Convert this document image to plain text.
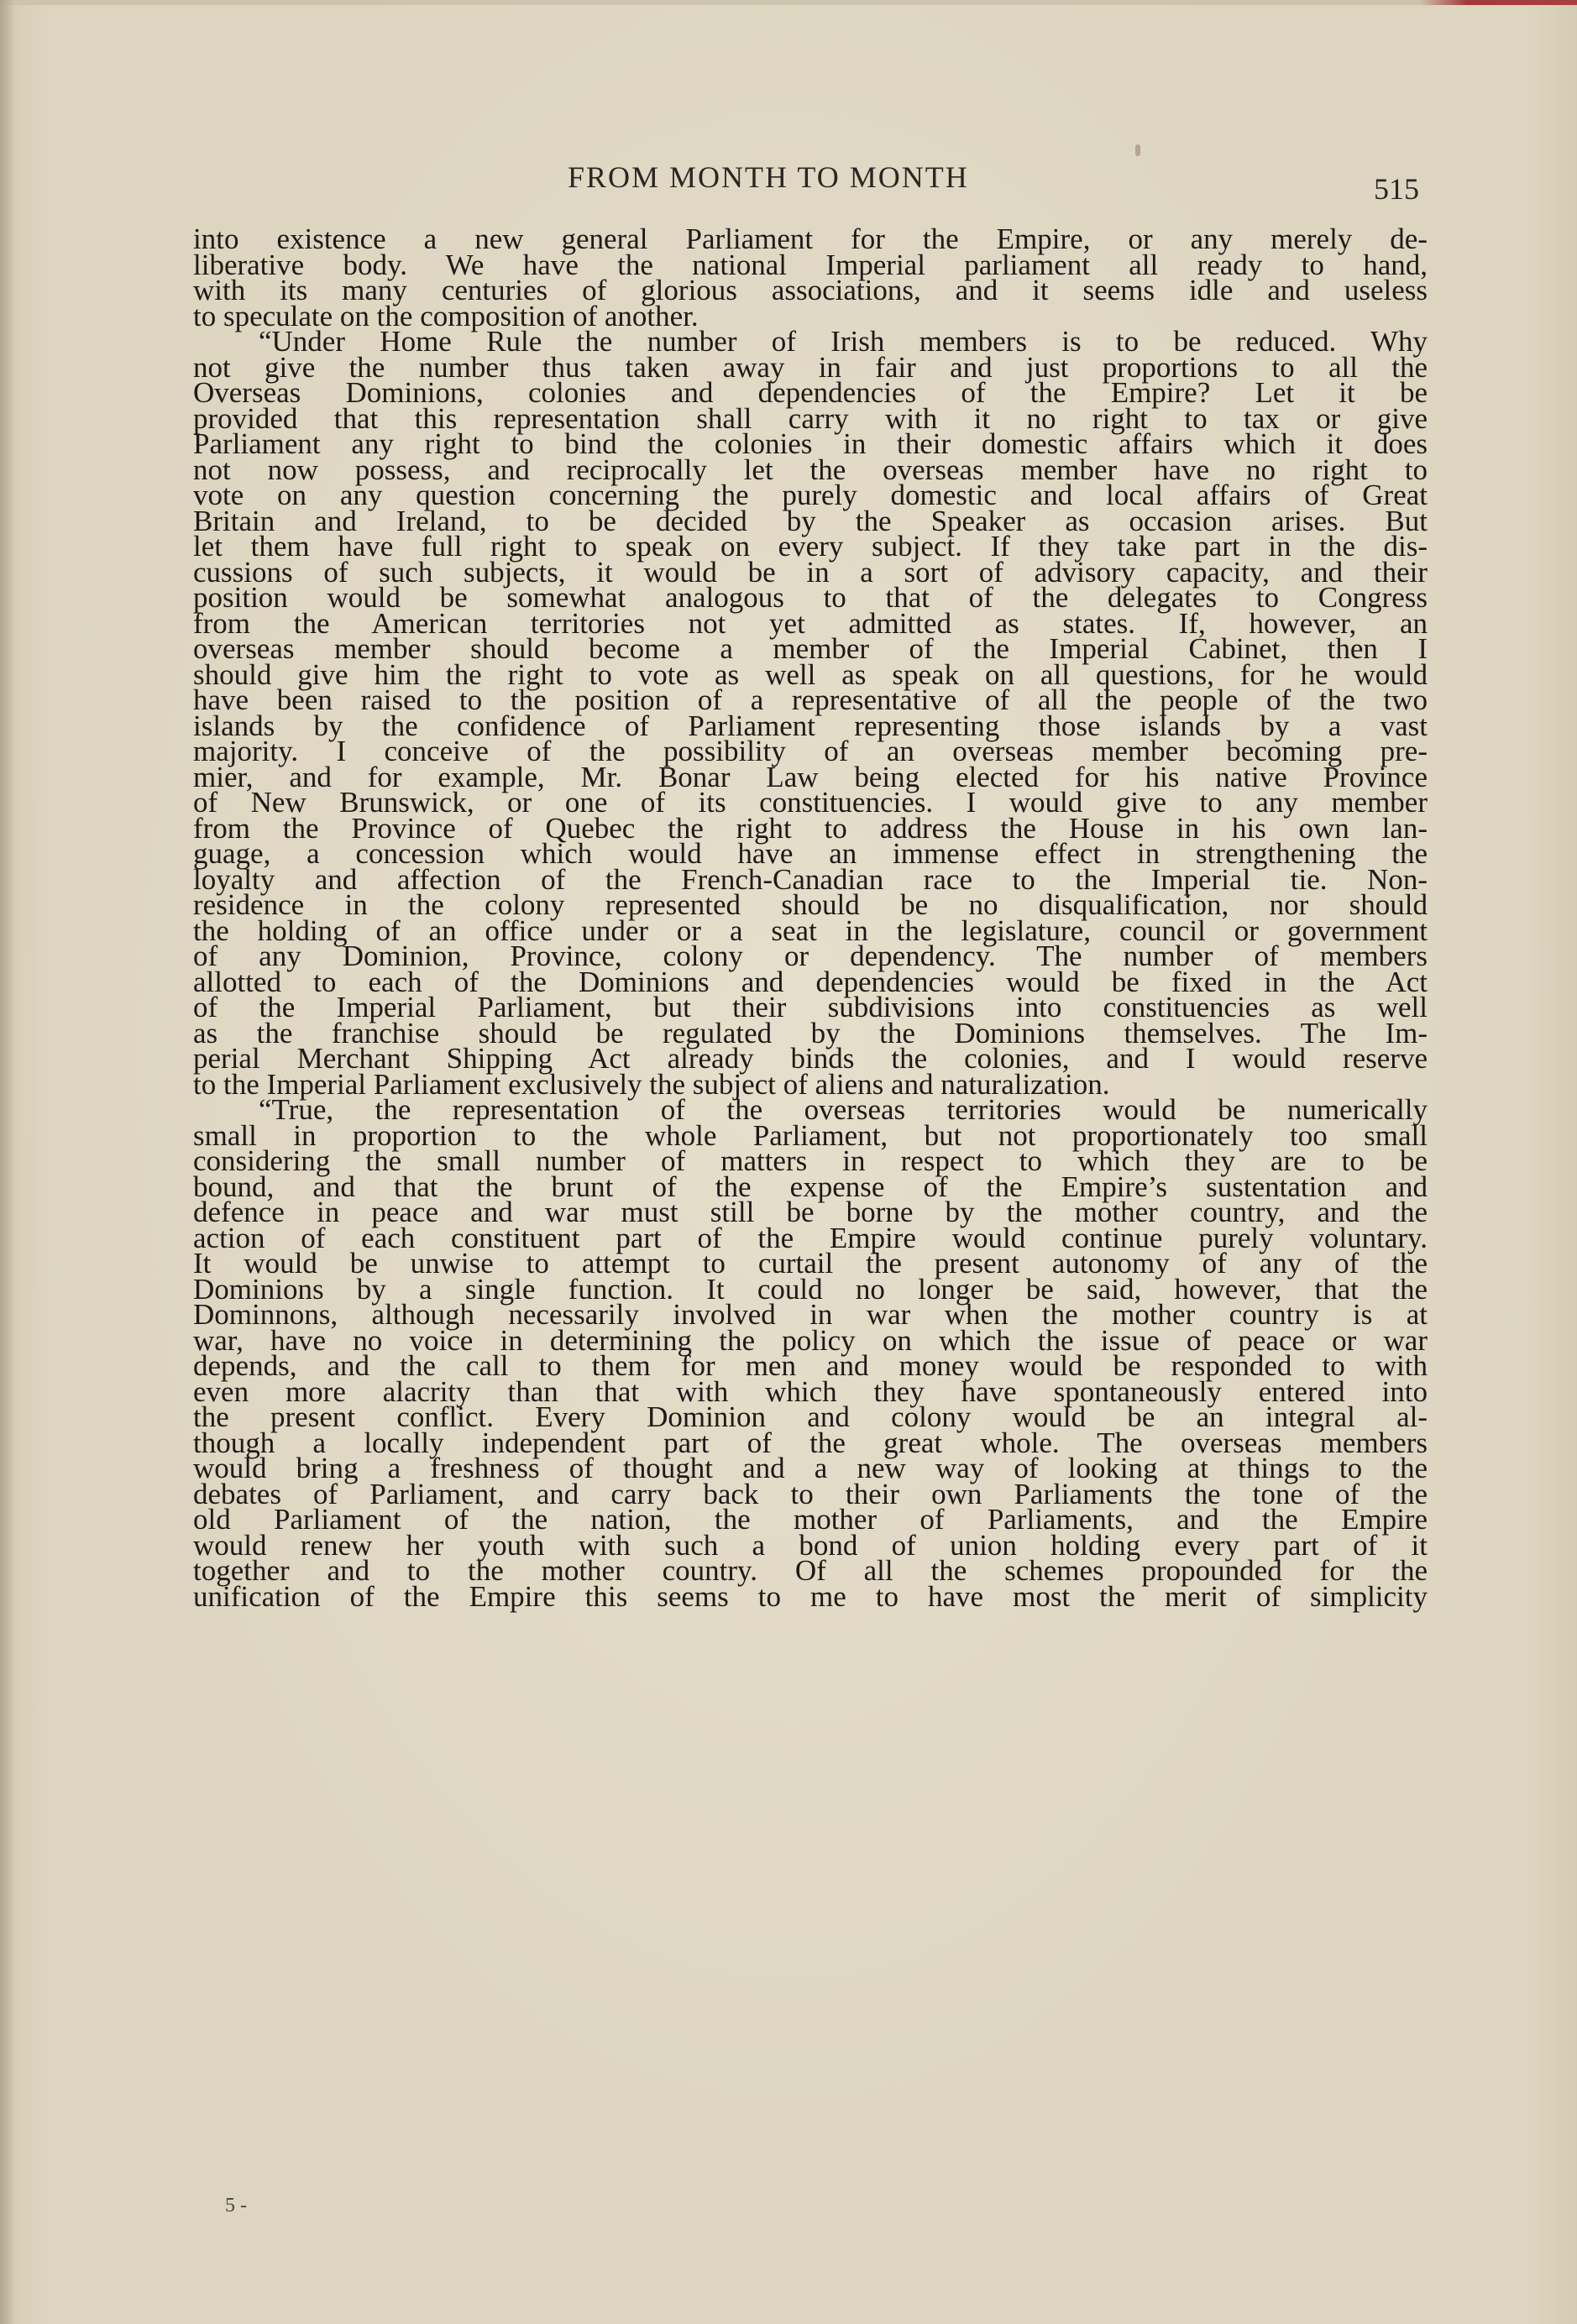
FROM MONTH TO MONTH	515
into existence a new general Parliament for the Empire, or any merely de-
liberative body. We have the national Imperial parliament all ready to hand,
with its many centuries of glorious associations, and it seems idle and useless
to speculate on the composition of another.
“Under Home Rule the number of Irish members is to be reduced. Why
not give the number thus taken away in fair and just proportions to all the
Overseas Dominions, colonies and dependencies of the Empire? Let it be
provided that this representation shall carry with it no right to tax or give
Parliament any right to bind the colonies in their domestic affairs which it does
not now possess, and reciprocally let the overseas member have no right to
vote on any question concerning the purely domestic and local affairs of Great
Britain and Ireland, to be decided by the Speaker as occasion arises. But
let them have full right to speak on every subject. If they take part in the dis-
cussions of such subjects, it would be in a sort of advisory capacity, and their
position would be somewhat analogous to that of the delegates to Congress
from the American territories not yet admitted as states. If, however, an
overseas member should become a member of the Imperial Cabinet, then I
should give him the right to vote as well as speak on all questions, for he would
have been raised to the position of a representative of all the people of the two
islands by the confidence of Parliament representing those islands by a vast
majority. I conceive of the possibility of an overseas member becoming pre-
mier, and for example, Mr. Bonar Law being elected for his native Province
of New Brunswick, or one of its constituencies. I would give to any member
from the Province of Quebec the right to address the House in his own lan-
guage, a concession which would have an immense effect in strengthening the
loyalty and affection of the French-Canadian race to the Imperial tie. Non-
residence in the colony represented should be no disqualification, nor should
the holding of an office under or a seat in the legislature, council or government
of any Dominion, Province, colony or dependency. The number of members
allotted to each of the Dominions and dependencies would be fixed in the Act
of the Imperial Parliament, but their subdivisions into constituencies as well
as the franchise should be regulated by the Dominions themselves. The Im-
perial Merchant Shipping Act already binds the colonies, and I would reserve
to the Imperial Parliament exclusively the subject of aliens and naturalization.
“True, the representation of the overseas territories would be numerically
small in proportion to the whole Parliament, but not proportionately too small
considering the small number of matters in respect to which they are to be
bound, and that the brunt of the expense of the Empire’s sustentation and
defence in peace and war must still be borne by the mother country, and the
action of each constituent part of the Empire would continue purely voluntary.
It would be unwise to attempt to curtail the present autonomy of any of the
Dominions by a single function. It could no longer be said, however, that the
Dominnons, although necessarily involved in war when the mother country is at
war, have no voice in determining the policy on which the issue of peace or war
depends, and the call to them for men and money would be responded to with
even more alacrity than that with which they have spontaneously entered into
the present conflict. Every Dominion and colony would be an integral al-
though a locally independent part of the great whole. The overseas members
would bring a freshness of thought and a new way of looking at things to the
debates of Parliament, and carry back to their own Parliaments the tone of the
old Parliament of the nation, the mother of Parliaments, and the Empire
would renew her youth with such a bond of union holding every part of it
together and to the mother country. Of all the schemes propounded for the
unification of the Empire this seems to me to have most the merit of simplicity
5 -
